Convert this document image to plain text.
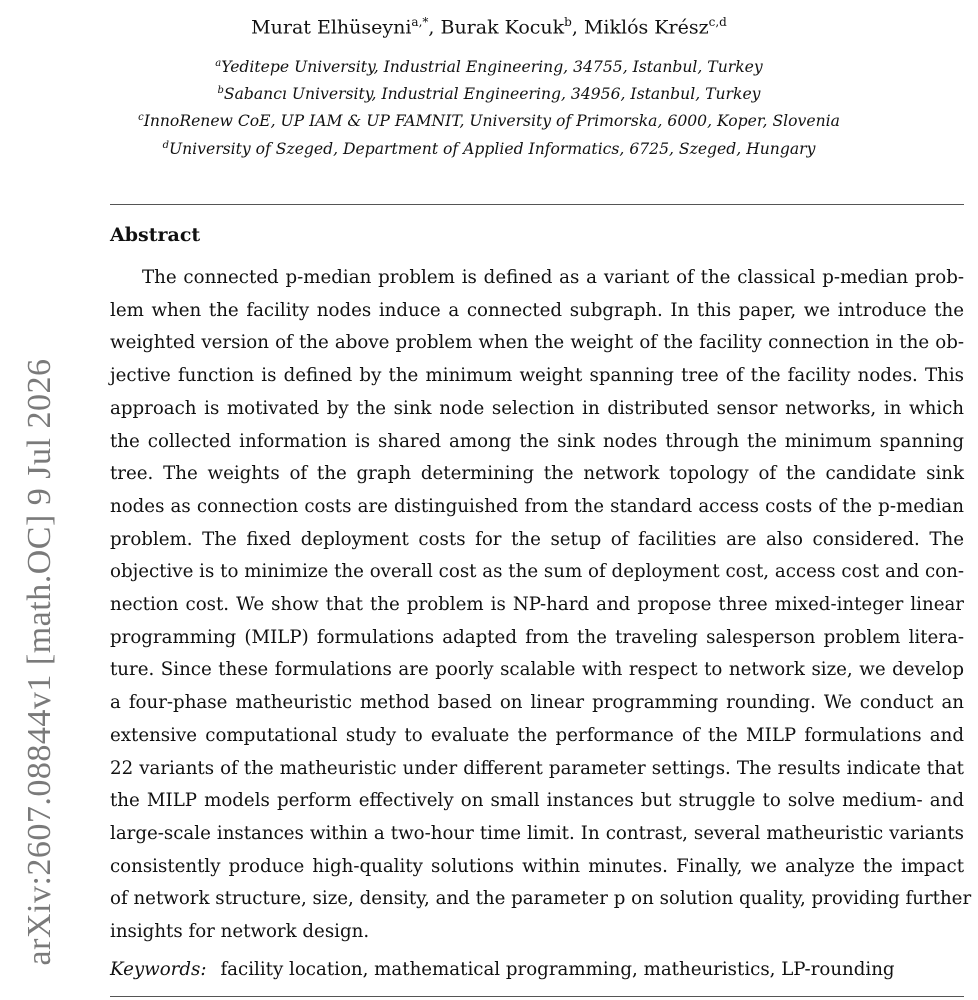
Murat Elhüseyni$^{a,*}$, Burak Kocuk$^b$, Miklós Krész$^{c,d}$
$^a$Yeditepe University, Industrial Engineering, 34755, Istanbul, Turkey
$^b$Sabancı University, Industrial Engineering, 34956, Istanbul, Turkey
$^c$InnoRenew CoE, UP IAM & UP FAMNIT, University of Primorska, 6000, Koper, Slovenia
$^d$University of Szeged, Department of Applied Informatics, 6725, Szeged, Hungary
Abstract
The connected p-median problem is defined as a variant of the classical p-median prob-
lem when the facility nodes induce a connected subgraph. In this paper, we introduce the
weighted version of the above problem when the weight of the facility connection in the ob-
jective function is defined by the minimum weight spanning tree of the facility nodes. This
approach is motivated by the sink node selection in distributed sensor networks, in which
the collected information is shared among the sink nodes through the minimum spanning
tree. The weights of the graph determining the network topology of the candidate sink
nodes as connection costs are distinguished from the standard access costs of the p-median
problem. The fixed deployment costs for the setup of facilities are also considered. The
objective is to minimize the overall cost as the sum of deployment cost, access cost and con-
nection cost. We show that the problem is NP-hard and propose three mixed-integer linear
programming (MILP) formulations adapted from the traveling salesperson problem litera-
ture. Since these formulations are poorly scalable with respect to network size, we develop
a four-phase matheuristic method based on linear programming rounding. We conduct an
extensive computational study to evaluate the performance of the MILP formulations and
22 variants of the matheuristic under different parameter settings. The results indicate that
the MILP models perform effectively on small instances but struggle to solve medium- and
large-scale instances within a two-hour time limit. In contrast, several matheuristic variants
consistently produce high-quality solutions within minutes. Finally, we analyze the impact
of network structure, size, density, and the parameter p on solution quality, providing further
insights for network design.
Keywords: facility location, mathematical programming, matheuristics, LP-rounding
arXiv:2607.08844v1 [math.OC] 9 Jul 2026
